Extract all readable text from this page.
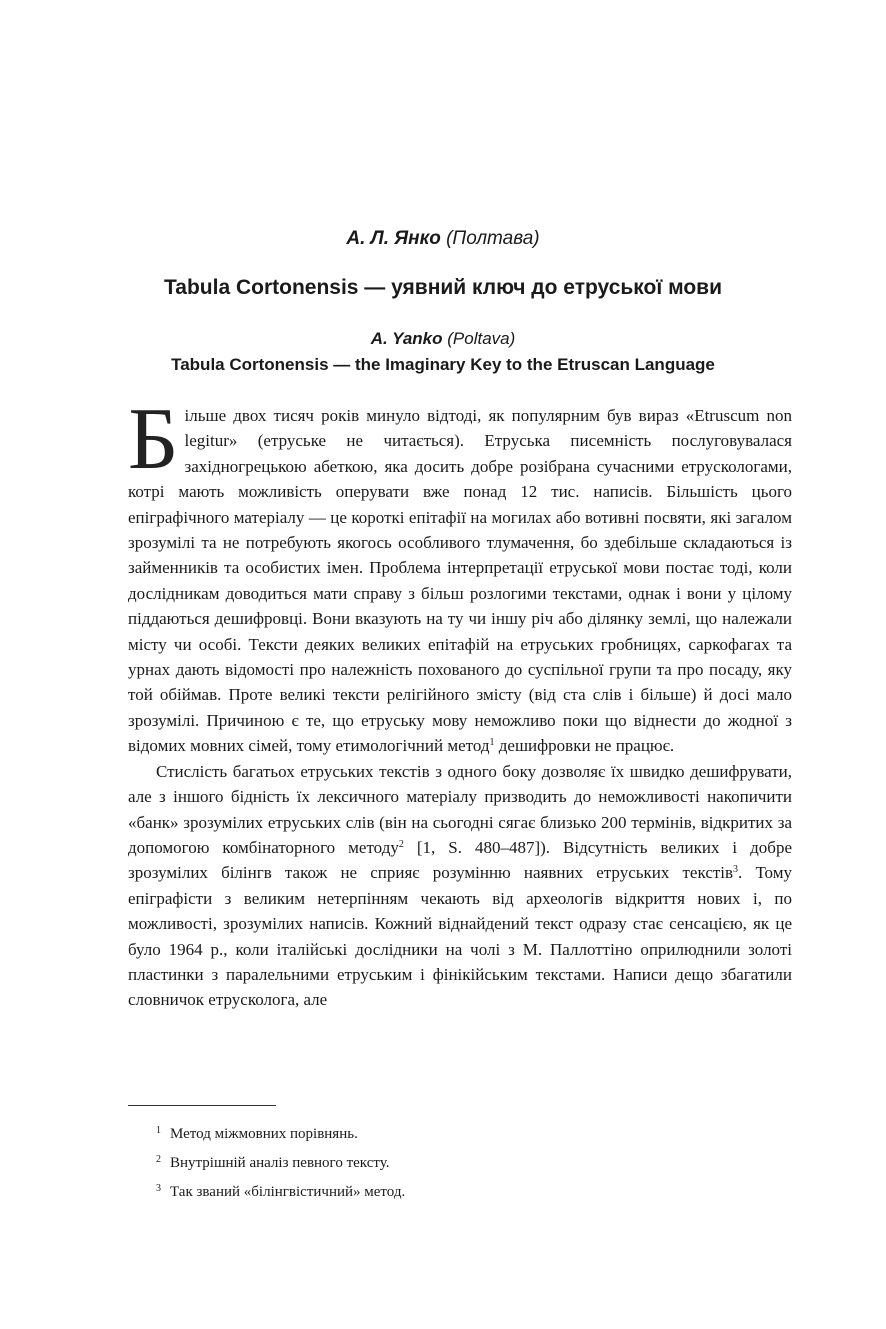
А. Л. Янко (Полтава)
Tabula Cortonensis — уявний ключ до етруської мови
A. Yanko (Poltava)
Tabula Cortonensis — the Imaginary Key to the Etruscan Language

Більше двох тисяч років минуло відтоді, як популярним був вираз «Etruscum non legitur» (етруське не читається). Етруська писемність послуговувалася західногрецькою абеткою, яка досить добре розібрана сучасними етрускологами, котрі мають можливість оперувати вже понад 12 тис. написів. Більшість цього епіграфічного матеріалу — це короткі епітафії на могилах або вотивні посвяти, які загалом зрозумілі та не потребують якогось особливого тлумачення, бо здебільше складаються із займенників та особистих імен. Проблема інтерпретації етруської мови постає тоді, коли дослідникам доводиться мати справу з більш розлогими текстами, однак і вони у цілому піддаються дешифровці. Вони вказують на ту чи іншу річ або ділянку землі, що належали місту чи особі. Тексти деяких великих епітафій на етруських гробницях, саркофагах та урнах дають відомості про належність похованого до суспільної групи та про посаду, яку той обіймав. Проте великі тексти релігійного змісту (від ста слів і більше) й досі мало зрозумілі. Причиною є те, що етруську мову неможливо поки що віднести до жодної з відомих мовних сімей, тому етимологічний метод$^1$ дешифровки не працює.

Стислість багатьох етруських текстів з одного боку дозволяє їх швидко дешифрувати, але з іншого бідність їх лексичного матеріалу призводить до неможливості накопичити «банк» зрозумілих етруських слів (він на сьогодні сягає близько 200 термінів, відкритих за допомогою комбінаторного методу$^2$ [1, S. 480–487]). Відсутність великих і добре зрозумілих білінгв також не сприяє розумінню наявних етруських текстів$^3$. Тому епіграфісти з великим нетерпінням чекають від археологів відкриття нових і, по можливості, зрозумілих написів. Кожний віднайдений текст одразу стає сенсацією, як це було 1964 р., коли італійські дослідники на чолі з М. Паллоттіно оприлюднили золоті пластинки з паралельними етруським і фінікійським текстами. Написи дещо збагатили словничок етрусколога, але

1 Метод міжмовних порівнянь.
2 Внутрішній аналіз певного тексту.
3 Так званий «білінгвістичний» метод.
